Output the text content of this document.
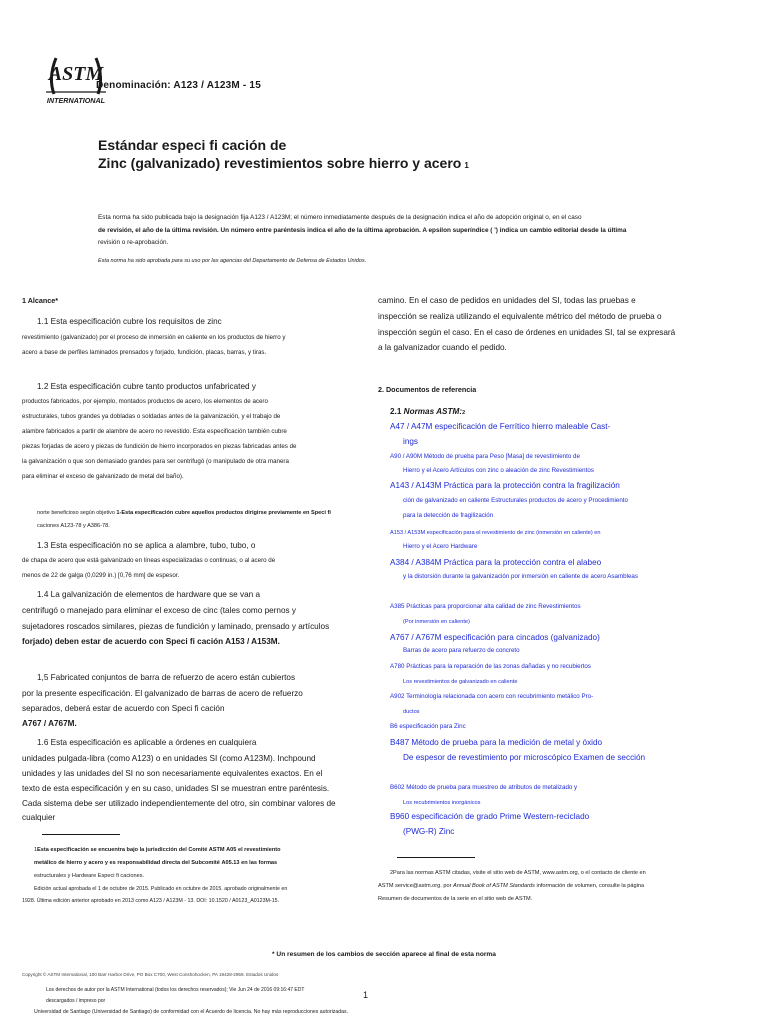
ASTM
INTERNATIONAL
Denominación: A123 / A123M - 15
Estándar especi fi cación de
Zinc (galvanizado) revestimientos sobre hierro y acero 1
Esta norma ha sido publicada bajo la designación fija A123 / A123M; el número inmediatamente después de la designación indica el año de adopción original o, en el caso
de revisión, el año de la última revisión. Un número entre paréntesis indica el año de la última aprobación. A epsilon superíndice ( ') indica un cambio editorial desde la última
revisión o re-aprobación.
Esta norma ha sido aprobada para su uso por las agencias del Departamento de Defensa de Estados Unidos.
1 Alcance*
1.1 Esta especificación cubre los requisitos de zinc
revestimiento (galvanizado) por el proceso de inmersión en caliente en los productos de hierro y
acero a base de perfiles laminados prensados y forjado, fundición, placas, barras, y tiras.
1.2 Esta especificación cubre tanto productos unfabricated y
productos fabricados, por ejemplo, montados productos de acero, los elementos de acero
estructurales, tubos grandes ya dobladas o soldadas antes de la galvanización, y el trabajo de
alambre fabricados a partir de alambre de acero no revestido. Esta especificación también cubre
piezas forjadas de acero y piezas de fundición de hierro incorporados en piezas fabricadas antes de
la galvanización o que son demasiado grandes para ser centrifugó (o manipulado de otra manera
para eliminar el exceso de galvanizado de metal del baño).
norte beneficioso según objetivo 1-Esta especificación cubre aquellos productos dirigirse previamente en Speci fi
caciones A123-78 y A386-78.
1.3 Esta especificación no se aplica a alambre, tubo, tubo, o
de chapa de acero que está galvanizado en líneas especializadas o continuas, o al acero de
menos de 22 de galga (0,0299 in.) [0,76 mm] de espesor.
1.4 La galvanización de elementos de hardware que se van a
centrifugó o manejado para eliminar el exceso de cinc (tales como pernos y
sujetadores roscados similares, piezas de fundición y laminado, prensado y artículos
forjado) deben estar de acuerdo con Speci fi cación A153 / A153M.
1,5 Fabricated conjuntos de barra de refuerzo de acero están cubiertos
por la presente especificación. El galvanizado de barras de acero de refuerzo
separados, deberá estar de acuerdo con Speci fi cación
A767 / A767M.
1.6 Esta especificación es aplicable a órdenes en cualquiera
unidades pulgada-libra (como A123) o en unidades SI (como A123M). Inchpound
unidades y las unidades del SI no son necesariamente equivalentes exactos. En el
texto de esta especificación y en su caso, unidades SI se muestran entre paréntesis.
Cada sistema debe ser utilizado independientemente del otro, sin combinar valores de
cualquier
1Esta especificación se encuentra bajo la jurisdicción del Comité ASTM A05 el revestimiento
metálico de hierro y acero y es responsabilidad directa del Subcomité A05.13 en las formas
estructurales y Hardware Especi fi caciones.
Edición actual aprobada el 1 de octubre de 2015. Publicado en octubre de 2015. aprobado originalmente en
1928. Última edición anterior aprobado en 2013 como A123 / A123M - 13. DOI: 10.1520 / A0123_A0123M-15.
camino. En el caso de pedidos en unidades del SI, todas las pruebas e
inspección se realiza utilizando el equivalente métrico del método de prueba o
inspección según el caso. En el caso de órdenes en unidades SI, tal se expresará
a la galvanizador cuando el pedido.
2. Documentos de referencia
2.1 Normas ASTM:2
A47 / A47M especificación de Ferrítico hierro maleable Cast-
ings
A90 / A90M Método de prueba para Peso [Masa] de revestimiento de
Hierro y el Acero Artículos con zinc o aleación de zinc Revestimientos
A143 / A143M Práctica para la protección contra la fragilización
ción de galvanizado en caliente Estructurales productos de acero y Procedimiento
para la detección de fragilización
A153 / A153M especificación para el revestimiento de zinc (inmersión en caliente) en
Hierro y el Acero Hardware
A384 / A384M Práctica para la protección contra el alabeo
y la distorsión durante la galvanización por inmersión en caliente de acero Asambleas
A385 Prácticas para proporcionar alta calidad de zinc Revestimientos
(Por inmersión en caliente)
A767 / A767M especificación para cincados (galvanizado)
Barras de acero para refuerzo de concreto
A780 Prácticas para la reparación de las zonas dañadas y no recubiertos
Los revestimientos de galvanizado en caliente
A902 Terminología relacionada con acero con recubrimiento metálico Pro-
ductos
B6 especificación para Zinc
B487 Método de prueba para la medición de metal y óxido
De espesor de revestimiento por microscópico Examen de sección
B602 Método de prueba para muestreo de atributos de metalizado y
Los recubrimientos inorgánicos
B960 especificación de grado Prime Western-reciclado
(PWG-R) Zinc
2Para las normas ASTM citadas, visite el sitio web de ASTM, www.astm.org, o el contacto de cliente en
ASTM service@astm.org. por Annual Book of ASTM Standards información de volumen, consulte la página
Resumen de documentos de la serie en el sitio web de ASTM.
* Un resumen de los cambios de sección aparece al final de esta norma
Copyright © ASTM International, 100 Barr Harbor Drive, PO Box C700, West Conshohocken, PA 19428-2959. Estados Unidos
1
Los derechos de autor por la ASTM International (todos los derechos reservados); Vie Jun 24 de 2016 09:16:47 EDT
descargados / impreso por
Universidad de Santiago (Universidad de Santiago) de conformidad con el Acuerdo de licencia. No hay más reproducciones autorizadas.
